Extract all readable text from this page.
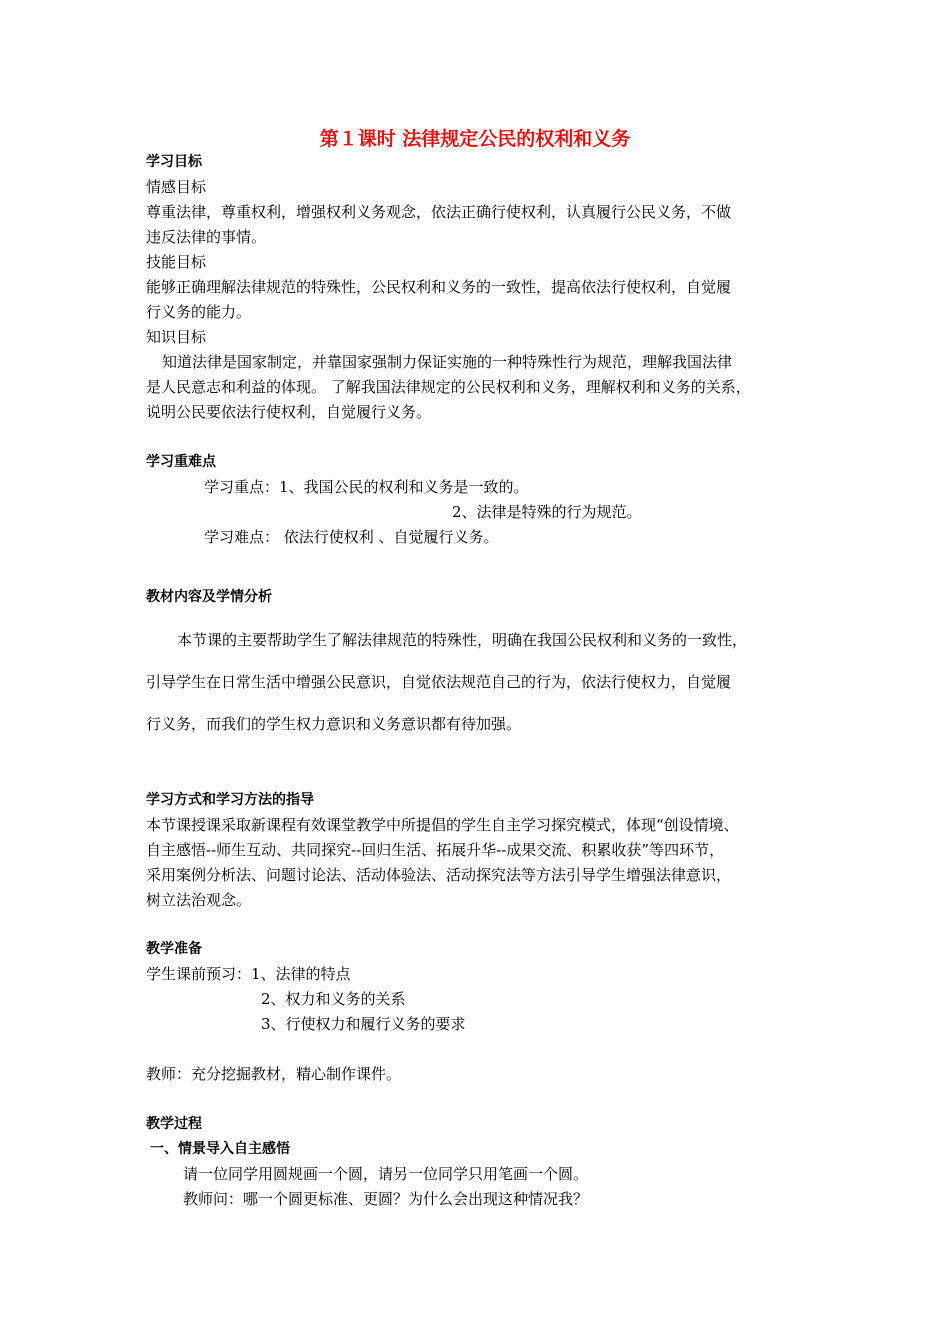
第１课时 法律规定公民的权利和义务
学习目标
情感目标
尊重法律，尊重权利，增强权利义务观念，依法正确行使权利，认真履行公民义务，不做
违反法律的事情。
技能目标
能够正确理解法律规范的特殊性，公民权利和义务的一致性，提高依法行使权利，自觉履
行义务的能力。
知识目标
知道法律是国家制定，并靠国家强制力保证实施的一种特殊性行为规范，理解我国法律
是人民意志和利益的体现。 了解我国法律规定的公民权利和义务，理解权利和义务的关系，
说明公民要依法行使权利，自觉履行义务。
学习重难点
学习重点：1、我国公民的权利和义务是一致的。
2、法律是特殊的行为规范。
学习难点： 依法行使权利 、自觉履行义务。
教材内容及学情分析
本节课的主要帮助学生了解法律规范的特殊性，明确在我国公民权利和义务的一致性，
引导学生在日常生活中增强公民意识，自觉依法规范自己的行为，依法行使权力，自觉履
行义务，而我们的学生权力意识和义务意识都有待加强。
学习方式和学习方法的指导
本节课授课采取新课程有效课堂教学中所提倡的学生自主学习探究模式，体现“创设情境、
自主感悟--师生互动、共同探究--回归生活、拓展升华--成果交流、积累收获”等四环节，
采用案例分析法、问题讨论法、活动体验法、活动探究法等方法引导学生增强法律意识，
树立法治观念。
教学准备
学生课前预习：1、法律的特点
2、权力和义务的关系
3、行使权力和履行义务的要求
教师：充分挖掘教材，精心制作课件。
教学过程
一、情景导入自主感悟
请一位同学用圆规画一个圆，请另一位同学只用笔画一个圆。
教师问：哪一个圆更标准、更圆？为什么会出现这种情况我？
